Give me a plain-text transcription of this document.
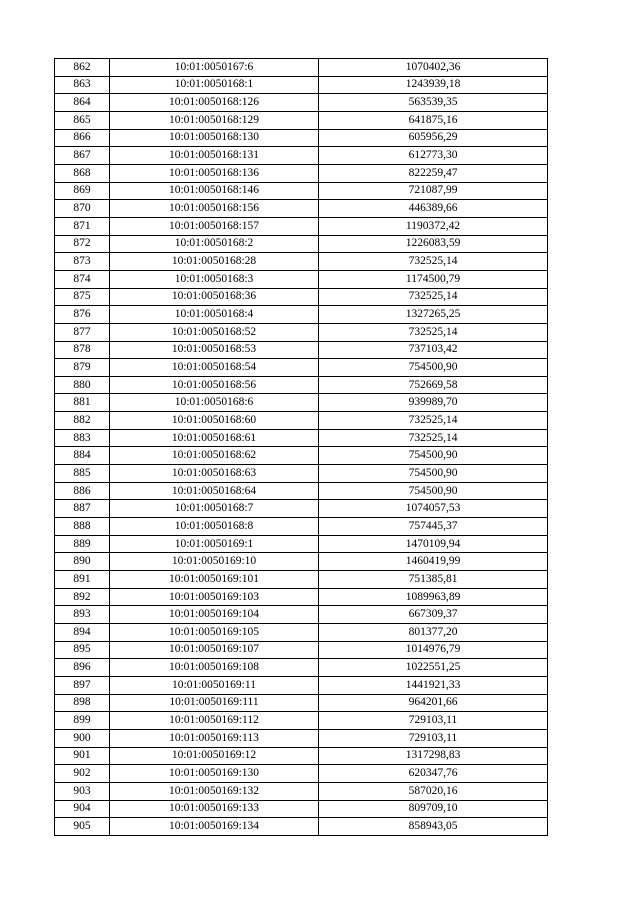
862	10:01:0050167:6	1070402,36
863	10:01:0050168:1	1243939,18
864	10:01:0050168:126	563539,35
865	10:01:0050168:129	641875,16
866	10:01:0050168:130	605956,29
867	10:01:0050168:131	612773,30
868	10:01:0050168:136	822259,47
869	10:01:0050168:146	721087,99
870	10:01:0050168:156	446389,66
871	10:01:0050168:157	1190372,42
872	10:01:0050168:2	1226083,59
873	10:01:0050168:28	732525,14
874	10:01:0050168:3	1174500,79
875	10:01:0050168:36	732525,14
876	10:01:0050168:4	1327265,25
877	10:01:0050168:52	732525,14
878	10:01:0050168:53	737103,42
879	10:01:0050168:54	754500,90
880	10:01:0050168:56	752669,58
881	10:01:0050168:6	939989,70
882	10:01:0050168:60	732525,14
883	10:01:0050168:61	732525,14
884	10:01:0050168:62	754500,90
885	10:01:0050168:63	754500,90
886	10:01:0050168:64	754500,90
887	10:01:0050168:7	1074057,53
888	10:01:0050168:8	757445,37
889	10:01:0050169:1	1470109,94
890	10:01:0050169:10	1460419,99
891	10:01:0050169:101	751385,81
892	10:01:0050169:103	1089963,89
893	10:01:0050169:104	667309,37
894	10:01:0050169:105	801377,20
895	10:01:0050169:107	1014976,79
896	10:01:0050169:108	1022551,25
897	10:01:0050169:11	1441921,33
898	10:01:0050169:111	964201,66
899	10:01:0050169:112	729103,11
900	10:01:0050169:113	729103,11
901	10:01:0050169:12	1317298,83
902	10:01:0050169:130	620347,76
903	10:01:0050169:132	587020,16
904	10:01:0050169:133	809709,10
905	10:01:0050169:134	858943,05
